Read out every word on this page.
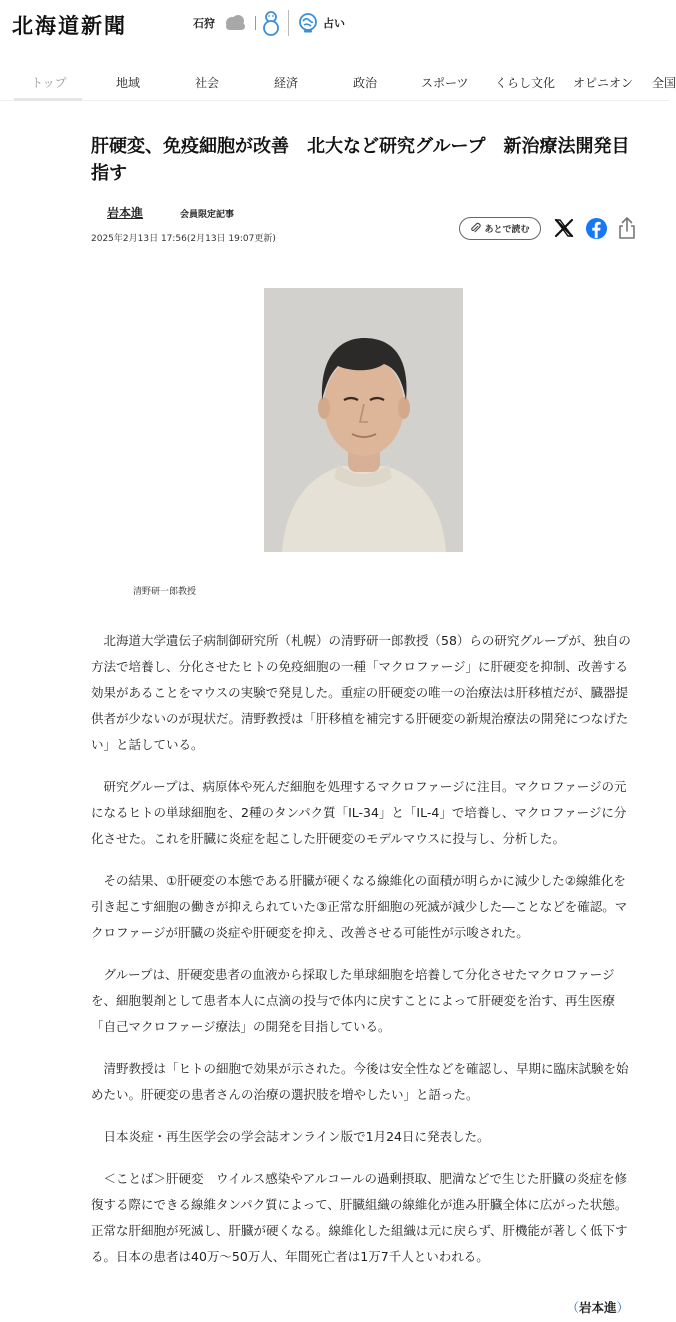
北海道新聞	石狩	占い
トップ	地域	社会	経済	政治	スポーツ くらし文化 オピニオン 全国
肝硬変、免疫細胞が改善　北大など研究グループ　新治療法開発目指す
岩本進	会員限定記事
2025年2月13日 17:56(2月13日 19:07更新)
あとで読む
清野研一郎教授

北海道大学遺伝子病制御研究所（札幌）の清野研一郎教授（58）らの研究グループが、独自の方法で培養し、分化させたヒトの免疫細胞の一種「マクロファージ」に肝硬変を抑制、改善する効果があることをマウスの実験で発見した。重症の肝硬変の唯一の治療法は肝移植だが、臓器提供者が少ないのが現状だ。清野教授は「肝移植を補完する肝硬変の新規治療法の開発につなげたい」と話している。

研究グループは、病原体や死んだ細胞を処理するマクロファージに注目。マクロファージの元になるヒトの単球細胞を、2種のタンパク質「IL-34」と「IL-4」で培養し、マクロファージに分化させた。これを肝臓に炎症を起こした肝硬変のモデルマウスに投与し、分析した。

その結果、①肝硬変の本態である肝臓が硬くなる線維化の面積が明らかに減少した②線維化を引き起こす細胞の働きが抑えられていた③正常な肝細胞の死滅が減少した―ことなどを確認。マクロファージが肝臓の炎症や肝硬変を抑え、改善させる可能性が示唆された。

グループは、肝硬変患者の血液から採取した単球細胞を培養して分化させたマクロファージを、細胞製剤として患者本人に点滴の投与で体内に戻すことによって肝硬変を治す、再生医療「自己マクロファージ療法」の開発を目指している。

清野教授は「ヒトの細胞で効果が示された。今後は安全性などを確認し、早期に臨床試験を始めたい。肝硬変の患者さんの治療の選択肢を増やしたい」と語った。

日本炎症・再生医学会の学会誌オンライン版で1月24日に発表した。

＜ことば＞肝硬変　ウイルス感染やアルコールの過剰摂取、肥満などで生じた肝臓の炎症を修復する際にできる線維タンパク質によって、肝臓組織の線維化が進み肝臓全体に広がった状態。正常な肝細胞が死滅し、肝臓が硬くなる。線維化した組織は元に戻らず、肝機能が著しく低下する。日本の患者は40万～50万人、年間死亡者は1万7千人といわれる。

（岩本進）
